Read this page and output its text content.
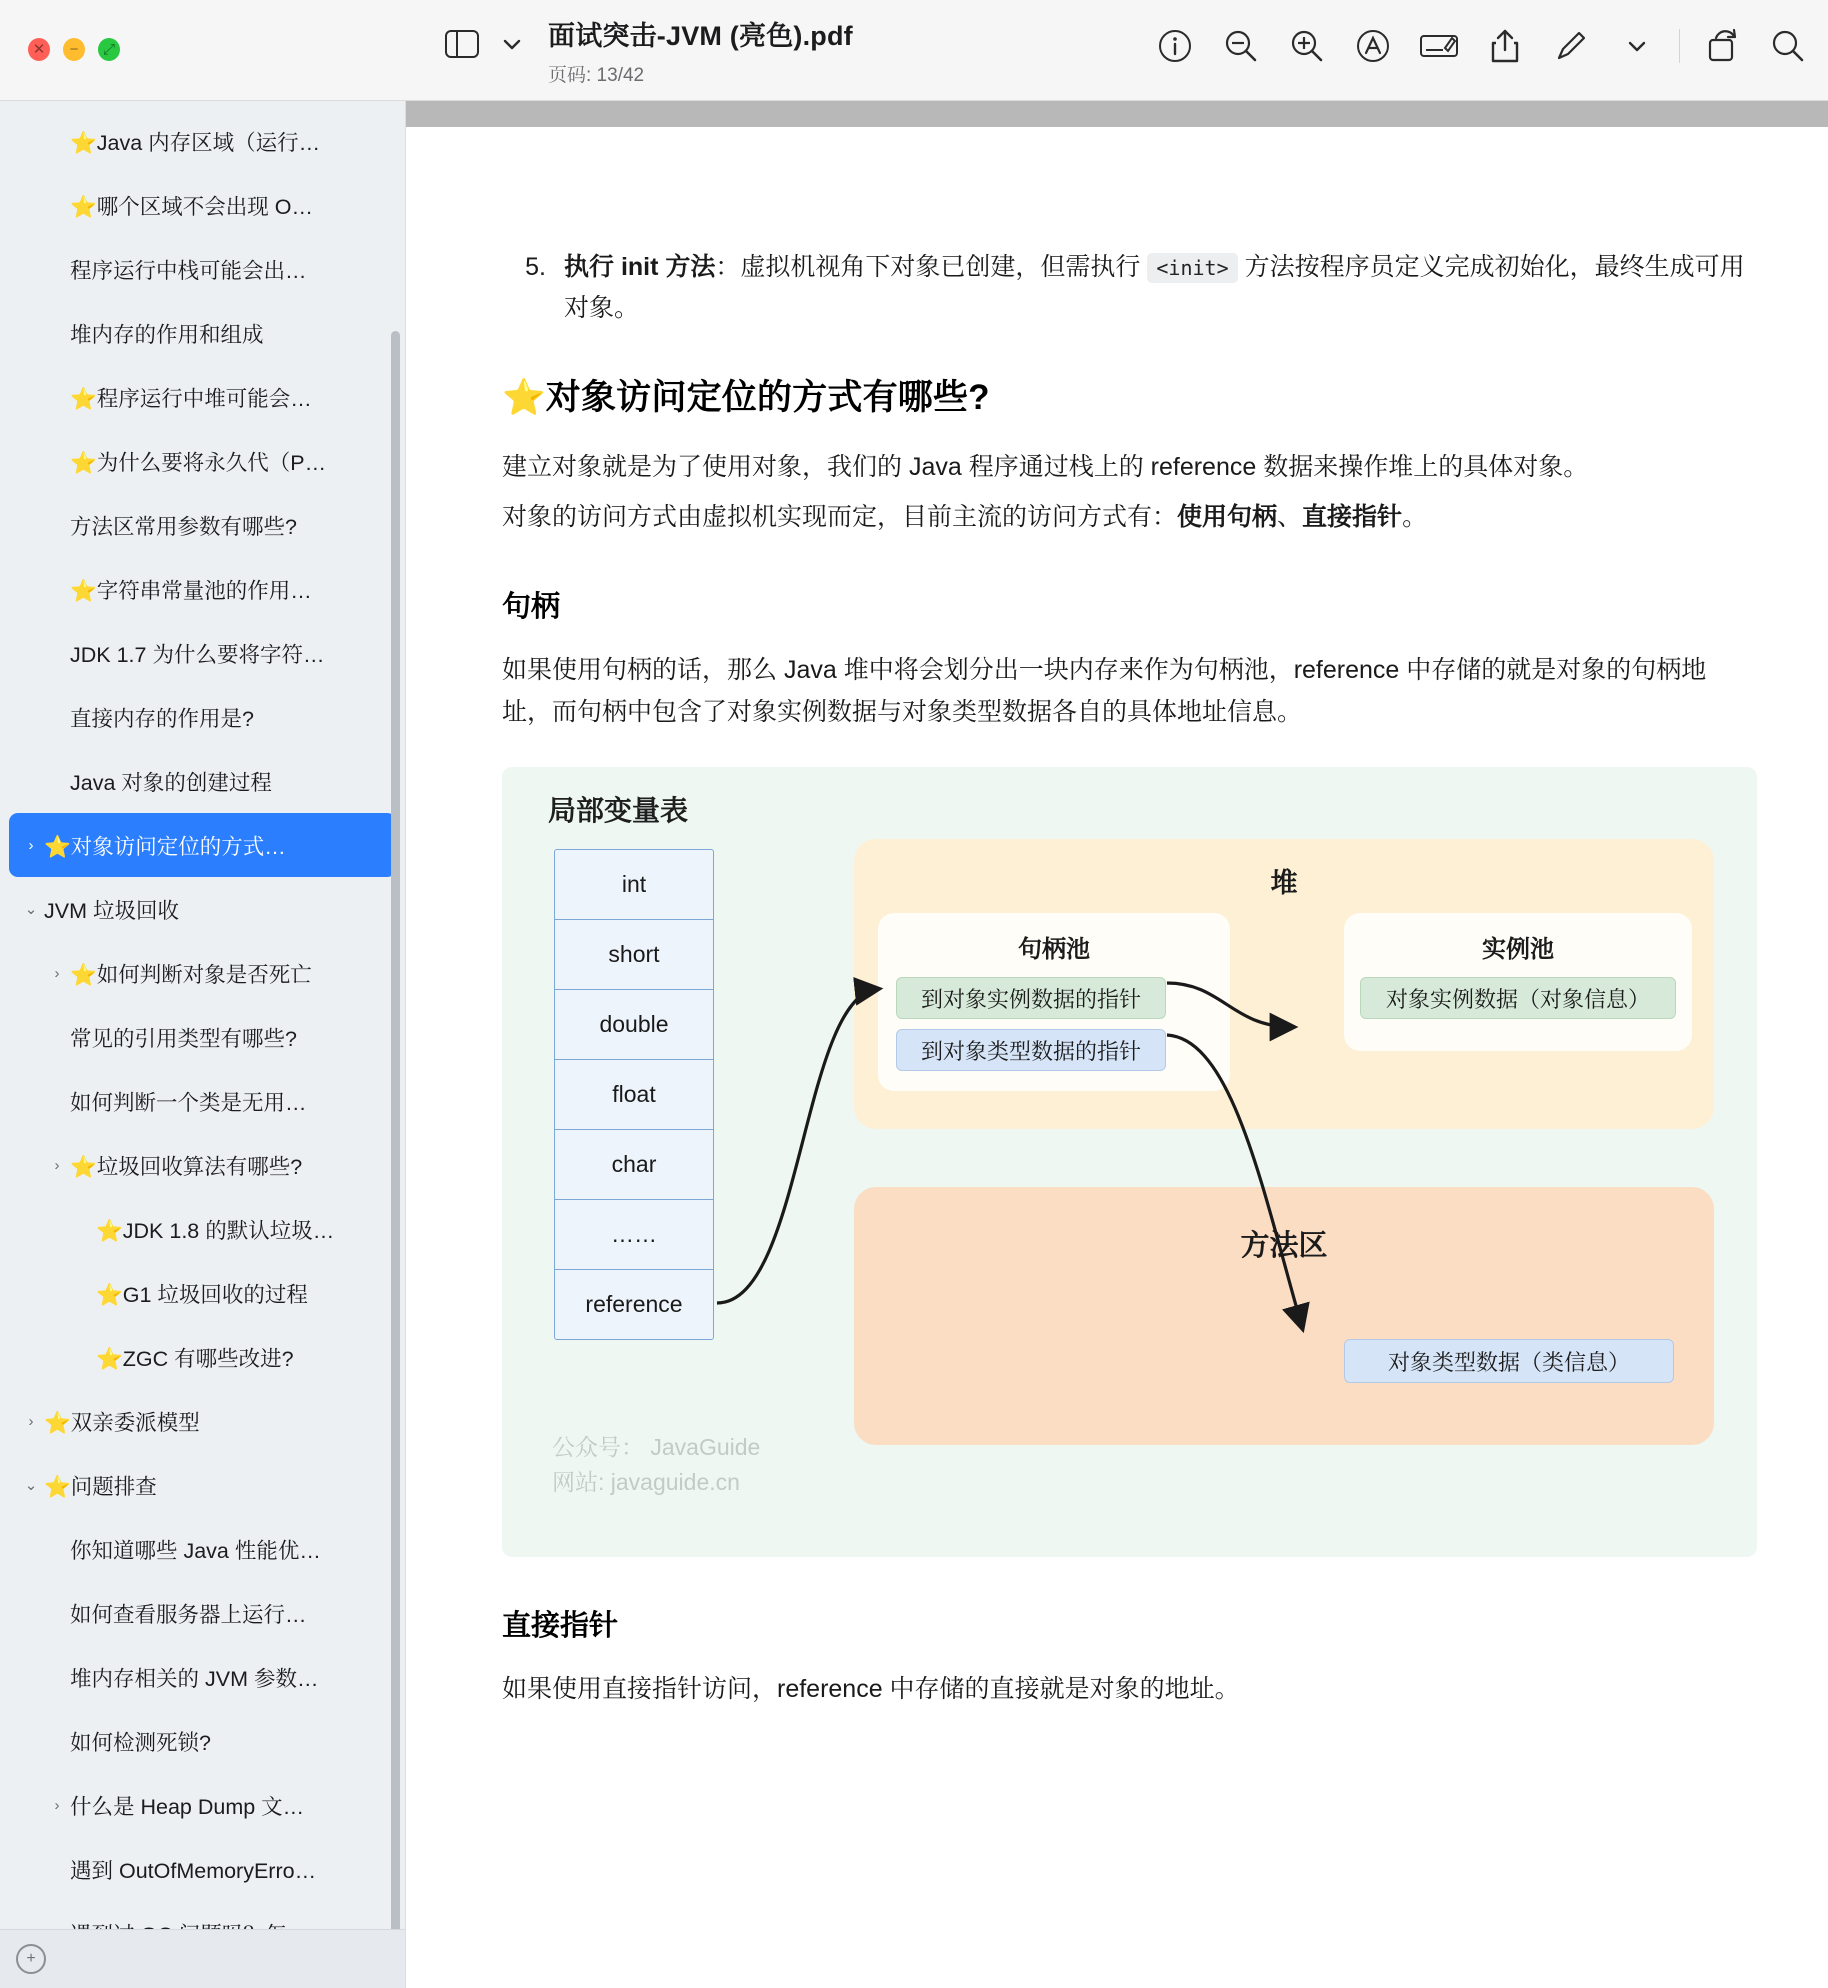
✕	−	⤢	面试突击-JVM (亮色).pdf
页码: 13/42
⭐Java 内存区域（运行…
⭐哪个区域不会出现 O…
程序运行中栈可能会出…
堆内存的作用和组成
⭐程序运行中堆可能会…
⭐为什么要将永久代（P…
方法区常用参数有哪些?
⭐字符串常量池的作用…
JDK 1.7 为什么要将字符…
直接内存的作用是?
Java 对象的创建过程
› ⭐对象访问定位的方式…
⌄ JVM 垃圾回收
› ⭐如何判断对象是否死亡
常见的引用类型有哪些?
如何判断一个类是无用…
› ⭐垃圾回收算法有哪些?
⭐JDK 1.8 的默认垃圾…
⭐G1 垃圾回收的过程
⭐ZGC 有哪些改进?
› ⭐双亲委派模型
⌄ ⭐问题排查
你知道哪些 Java 性能优…
如何查看服务器上运行…
堆内存相关的 JVM 参数…
如何检测死锁?
› 什么是 Heap Dump 文…
遇到 OutOfMemoryErro…
+
5. 执行 init 方法：虚拟机视角下对象已创建，但需执行 <init> 方法按程序员定义完成初始化，最终生成可用对象。
⭐对象访问定位的方式有哪些?

建立对象就是为了使用对象，我们的 Java 程序通过栈上的 reference 数据来操作堆上的具体对象。

对象的访问方式由虚拟机实现而定，目前主流的访问方式有：使用句柄、直接指针。

句柄

如果使用句柄的话，那么 Java 堆中将会划分出一块内存来作为句柄池，reference 中存储的就是对象的句柄地址，而句柄中包含了对象实例数据与对象类型数据各自的具体地址信息。

局部变量表
int
short
double
float
char
……
reference
堆
句柄池
到对象实例数据的指针
到对象类型数据的指针
实例池
对象实例数据（对象信息）
方法区
对象类型数据（类信息）
公众号： JavaGuide
网站: javaguide.cn
直接指针

如果使用直接指针访问，reference 中存储的直接就是对象的地址。
